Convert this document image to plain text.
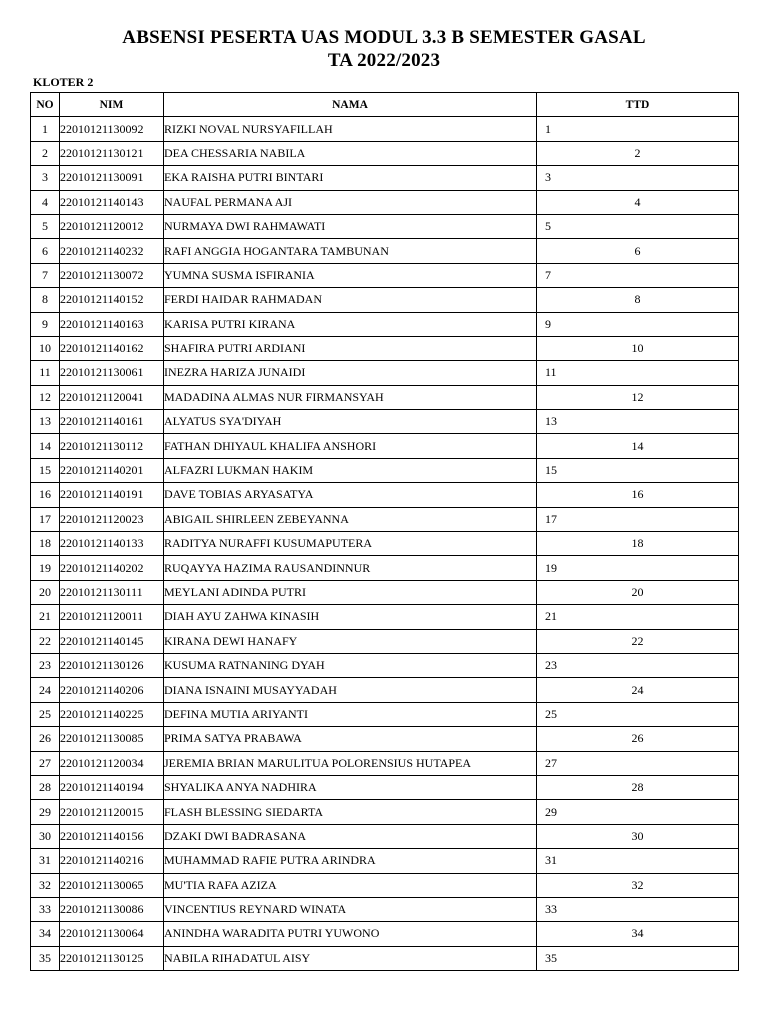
ABSENSI PESERTA UAS MODUL 3.3 B SEMESTER GASAL
TA 2022/2023
KLOTER 2
NO	NIM	NAMA	TTD
1	22010121130092	RIZKI NOVAL NURSYAFILLAH	1
2	22010121130121	DEA CHESSARIA NABILA	2
3	22010121130091	EKA RAISHA PUTRI BINTARI	3
4	22010121140143	NAUFAL PERMANA AJI	4
5	22010121120012	NURMAYA DWI RAHMAWATI	5
6	22010121140232	RAFI ANGGIA HOGANTARA TAMBUNAN	6
7	22010121130072	YUMNA SUSMA ISFIRANIA	7
8	22010121140152	FERDI HAIDAR RAHMADAN	8
9	22010121140163	KARISA PUTRI KIRANA	9
10	22010121140162	SHAFIRA PUTRI ARDIANI	10
11	22010121130061	INEZRA HARIZA JUNAIDI	11
12	22010121120041	MADADINA ALMAS NUR FIRMANSYAH	12
13	22010121140161	ALYATUS SYA'DIYAH	13
14	22010121130112	FATHAN DHIYAUL KHALIFA ANSHORI	14
15	22010121140201	ALFAZRI LUKMAN HAKIM	15
16	22010121140191	DAVE TOBIAS ARYASATYA	16
17	22010121120023	ABIGAIL SHIRLEEN ZEBEYANNA	17
18	22010121140133	RADITYA NURAFFI KUSUMAPUTERA	18
19	22010121140202	RUQAYYA HAZIMA RAUSANDINNUR	19
20	22010121130111	MEYLANI ADINDA PUTRI	20
21	22010121120011	DIAH AYU ZAHWA KINASIH	21
22	22010121140145	KIRANA DEWI HANAFY	22
23	22010121130126	KUSUMA RATNANING DYAH	23
24	22010121140206	DIANA ISNAINI MUSAYYADAH	24
25	22010121140225	DEFINA MUTIA ARIYANTI	25
26	22010121130085	PRIMA SATYA PRABAWA	26
27	22010121120034	JEREMIA BRIAN MARULITUA POLORENSIUS HUTAPEA	27
28	22010121140194	SHYALIKA ANYA NADHIRA	28
29	22010121120015	FLASH BLESSING SIEDARTA	29
30	22010121140156	DZAKI DWI BADRASANA	30
31	22010121140216	MUHAMMAD RAFIE PUTRA ARINDRA	31
32	22010121130065	MU'TIA RAFA AZIZA	32
33	22010121130086	VINCENTIUS REYNARD WINATA	33
34	22010121130064	ANINDHA WARADITA PUTRI YUWONO	34
35	22010121130125	NABILA RIHADATUL AISY	35
